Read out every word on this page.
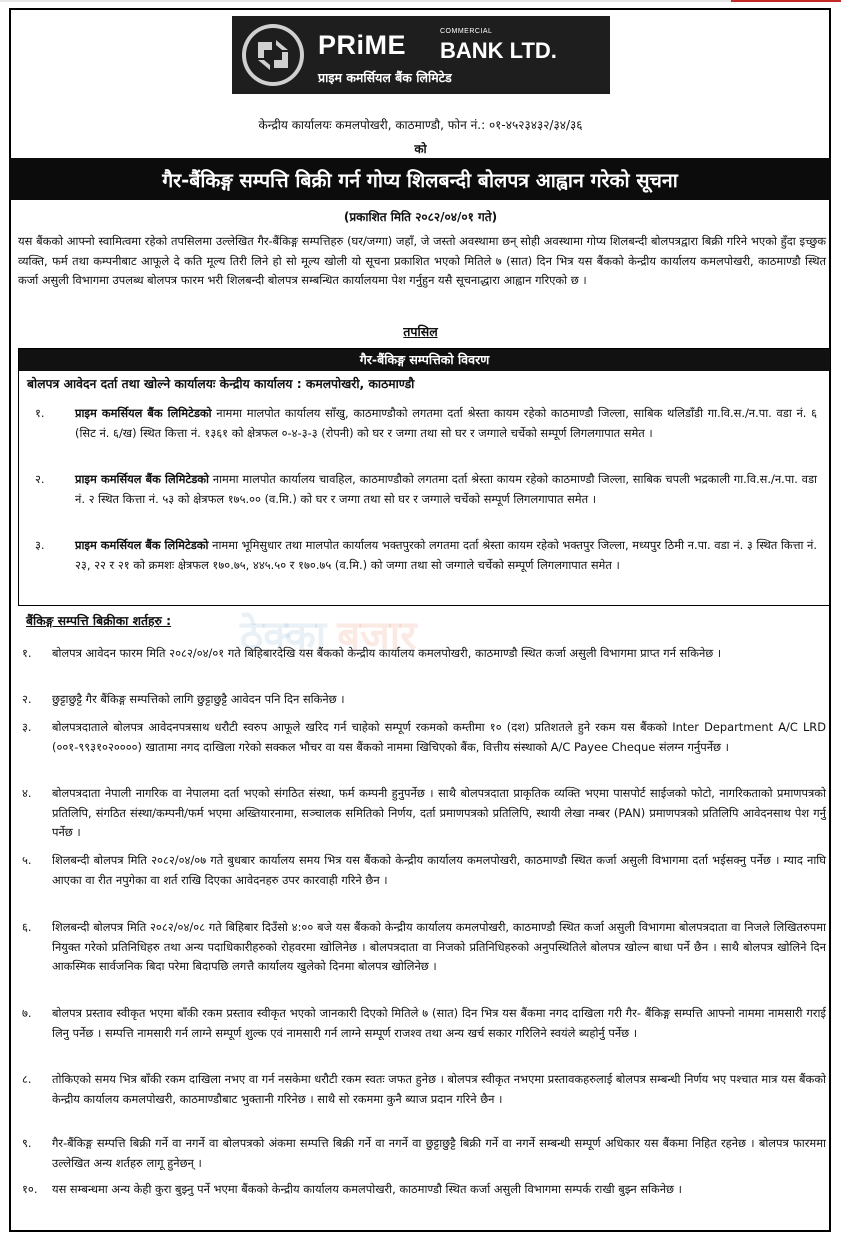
PRiME	COMMERCIAL
BANK LTD.
प्राइम कमर्सियल बैंक लिमिटेड
केन्द्रीय कार्यालयः कमलपोखरी, काठमाण्डौ, फोन नं.: ०१-४५२३४३२/३४/३६
को
गैर-बैंकिङ्ग सम्पत्ति बिक्री गर्न गोप्य शिलबन्दी बोलपत्र आह्वान गरेको सूचना
(प्रकाशित मिति २०८२/०४/०१ गते)
यस बैंकको आफ्नो स्वामित्वमा रहेको तपसिलमा उल्लेखित गैर-बैंकिङ्ग सम्पत्तिहरु (घर/जग्गा) जहाँ, जे जस्तो अवस्थामा छन् सोही अवस्थामा गोप्य शिलबन्दी बोलपत्रद्वारा बिक्री गरिने भएको हुँदा इच्छुक व्यक्ति, फर्म तथा कम्पनीबाट आफूले दे कति मूल्य तिरी लिने हो सो मूल्य खोली यो सूचना प्रकाशित भएको मितिले ७ (सात) दिन भित्र यस बैंकको केन्द्रीय कार्यालय कमलपोखरी, काठमाण्डौ स्थित कर्जा असुली विभागमा उपलब्ध बोलपत्र फारम भरी शिलबन्दी बोलपत्र सम्बन्धित कार्यालयमा पेश गर्नुहुन यसै सूचनाद्धारा आह्वान गरिएको छ ।
तपसिल
ठेक्का बजार
गैर-बैंकिङ्ग सम्पत्तिको विवरण
बोलपत्र आवेदन दर्ता तथा खोल्ने कार्यालयः केन्द्रीय कार्यालय : कमलपोखरी, काठमाण्डौ
१.	प्राइम कमर्सियल बैंक लिमिटेडको नाममा मालपोत कार्यालय साँखु, काठमाण्डौको लगतमा दर्ता श्रेस्ता कायम रहेको काठमाण्डौ जिल्ला, साबिक थलिडाँडी गा.वि.स./न.पा. वडा नं. ६ (सिट नं. ६/ख) स्थित कित्ता नं. १३६१ को क्षेत्रफल ०-४-३-३ (रोपनी) को घर र जग्गा तथा सो घर र जग्गाले चर्चेको सम्पूर्ण लिगलगापात समेत ।
२.	प्राइम कमर्सियल बैंक लिमिटेडको नाममा मालपोत कार्यालय चावहिल, काठमाण्डौको लगतमा दर्ता श्रेस्ता कायम रहेको काठमाण्डौ जिल्ला, साबिक चपली भद्रकाली गा.वि.स./न.पा. वडा नं. २ स्थित कित्ता नं. ५३ को क्षेत्रफल १७५.०० (व.मि.) को घर र जग्गा तथा सो घर र जग्गाले चर्चेको सम्पूर्ण लिगलगापात समेत ।
३.	प्राइम कमर्सियल बैंक लिमिटेडको नाममा भूमिसुधार तथा मालपोत कार्यालय भक्तपुरको लगतमा दर्ता श्रेस्ता कायम रहेको भक्तपुर जिल्ला, मध्यपुर ठिमी न.पा. वडा नं. ३ स्थित कित्ता नं. २३, २२ र २१ को क्रमशः क्षेत्रफल १७०.७५, ४४५.५० र १७०.७५ (व.मि.) को जग्गा तथा सो जग्गाले चर्चेको सम्पूर्ण लिगलगापात समेत ।
बैंकिङ्ग सम्पत्ति बिक्रीका शर्तहरु :
१.	बोलपत्र आवेदन फारम मिति २०८२/०४/०१ गते बिहिबारदेखि यस बैंकको केन्द्रीय कार्यालय कमलपोखरी, काठमाण्डौ स्थित कर्जा असुली विभागमा प्राप्त गर्न सकिनेछ ।
२.	छुट्टाछुट्टै गैर बैंकिङ्ग सम्पत्तिको लागि छुट्टाछुट्टै आवेदन पनि दिन सकिनेछ ।
३.	बोलपत्रदाताले बोलपत्र आवेदनपत्रसाथ धरौटी स्वरुप आफूले खरिद गर्न चाहेको सम्पूर्ण रकमको कम्तीमा १० (दश) प्रतिशतले हुने रकम यस बैंकको Inter Department A/C LRD (००१-९९३१०२००००) खातामा नगद दाखिला गरेको सक्कल भौचर वा यस बैंकको नाममा खिचिएको बैंक, वित्तीय संस्थाको A/C Payee Cheque संलग्न गर्नुपर्नेछ ।
४.	बोलपत्रदाता नेपाली नागरिक वा नेपालमा दर्ता भएको संगठित संस्था, फर्म कम्पनी हुनुपर्नेछ । साथै बोलपत्रदाता प्राकृतिक व्यक्ति भएमा पासपोर्ट साईजको फोटो, नागरिकताको प्रमाणपत्रको प्रतिलिपि, संगठित संस्था/कम्पनी/फर्म भएमा अख्तियारनामा, सञ्चालक समितिको निर्णय, दर्ता प्रमाणपत्रको प्रतिलिपि, स्थायी लेखा नम्बर (PAN) प्रमाणपत्रको प्रतिलिपि आवेदनसाथ पेश गर्नु पर्नेछ ।
५.	शिलबन्दी बोलपत्र मिति २०८२/०४/०७ गते बुधबार कार्यालय समय भित्र यस बैंकको केन्द्रीय कार्यालय कमलपोखरी, काठमाण्डौ स्थित कर्जा असुली विभागमा दर्ता भईसक्नु पर्नेछ । म्याद नाघि आएका वा रीत नपुगेका वा शर्त राखि दिएका आवेदनहरु उपर कारवाही गरिने छैन ।
६.	शिलबन्दी बोलपत्र मिति २०८२/०४/०८ गते बिहिबार दिउँसो ४:०० बजे यस बैंकको केन्द्रीय कार्यालय कमलपोखरी, काठमाण्डौ स्थित कर्जा असुली विभागमा बोलपत्रदाता वा निजले लिखितरुपमा नियुक्त गरेको प्रतिनिधिहरु तथा अन्य पदाधिकारीहरुको रोहवरमा खोलिनेछ । बोलपत्रदाता वा निजको प्रतिनिधिहरुको अनुपस्थितिले बोलपत्र खोल्न बाधा पर्ने छैन । साथै बोलपत्र खोलिने दिन आकस्मिक सार्वजनिक बिदा परेमा बिदापछि लगत्तै कार्यालय खुलेको दिनमा बोलपत्र खोलिनेछ ।
७.	बोलपत्र प्रस्ताव स्वीकृत भएमा बाँकी रकम प्रस्ताव स्वीकृत भएको जानकारी दिएको मितिले ७ (सात) दिन भित्र यस बैंकमा नगद दाखिला गरी गैर- बैंकिङ्ग सम्पत्ति आफ्नो नाममा नामसारी गराई लिनु पर्नेछ । सम्पत्ति नामसारी गर्न लाग्ने सम्पूर्ण शुल्क एवं नामसारी गर्न लाग्ने सम्पूर्ण राजश्व तथा अन्य खर्च सकार गरिलिने स्वयंले ब्यहोर्नु पर्नेछ ।
८.	तोकिएको समय भित्र बाँकी रकम दाखिला नभए वा गर्न नसकेमा धरौटी रकम स्वतः जफत हुनेछ । बोलपत्र स्वीकृत नभएमा प्रस्तावकहरुलाई बोलपत्र सम्बन्धी निर्णय भए पश्चात मात्र यस बैंकको केन्द्रीय कार्यालय कमलपोखरी, काठमाण्डौबाट भुक्तानी गरिनेछ । साथै सो रकममा कुनै ब्याज प्रदान गरिने छैन ।
९.	गैर-बैंकिङ्ग सम्पत्ति बिक्री गर्ने वा नगर्ने वा बोलपत्रको अंकमा सम्पत्ति बिक्री गर्ने वा नगर्ने वा छुट्टाछुट्टै बिक्री गर्ने वा नगर्ने सम्बन्धी सम्पूर्ण अधिकार यस बैंकमा निहित रहनेछ । बोलपत्र फारममा उल्लेखित अन्य शर्तहरु लागू हुनेछन् ।
१०.	यस सम्बन्धमा अन्य केही कुरा बुझ्नु पर्ने भएमा बैंकको केन्द्रीय कार्यालय कमलपोखरी, काठमाण्डौ स्थित कर्जा असुली विभागमा सम्पर्क राखी बुझ्न सकिनेछ ।
